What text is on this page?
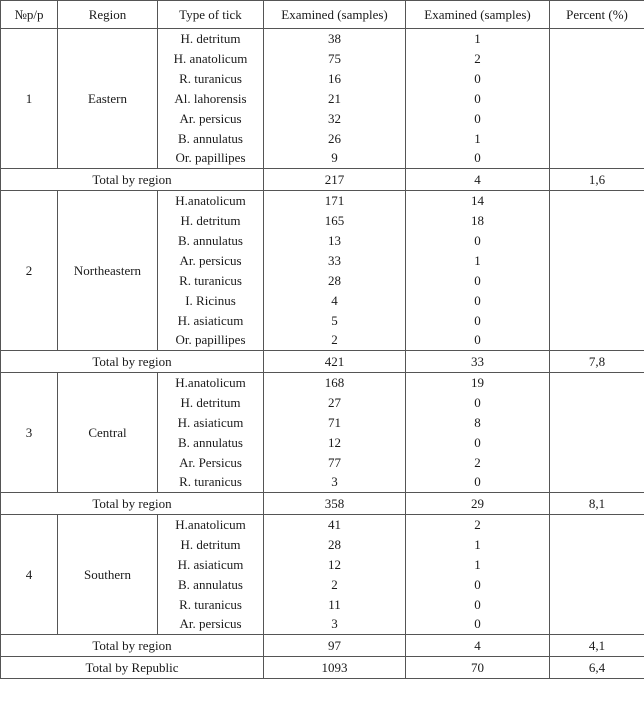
№р/р	Region	Type of tick	Examined (samples)	Examined (samples)	Percent (%)
1	Eastern	H. detritum	38	1	
		H. anatolicum	75	2	
		R. turanicus	16	0	
		Al. lahorensis	21	0	
		Ar. persicus	32	0	
		B. annulatus	26	1	
		Or. papillipes	9	0	
Total by region			217	4	1,6
2	Northeastern	H.anatolicum	171	14	
		H. detritum	165	18	
		B. annulatus	13	0	
		Ar. persicus	33	1	
		R. turanicus	28	0	
		I. Ricinus	4	0	
		H. asiaticum	5	0	
		Or. papillipes	2	0	
Total by region			421	33	7,8
3	Central	H.anatolicum	168	19	
		H. detritum	27	0	
		H. asiaticum	71	8	
		B. annulatus	12	0	
		Ar. Persicus	77	2	
		R. turanicus	3	0	
Total by region			358	29	8,1
4	Southern	H.anatolicum	41	2	
		H. detritum	28	1	
		H. asiaticum	12	1	
		B. annulatus	2	0	
		R. turanicus	11	0	
		Ar. persicus	3	0	
Total by region			97	4	4,1
Total by Republic			1093	70	6,4
